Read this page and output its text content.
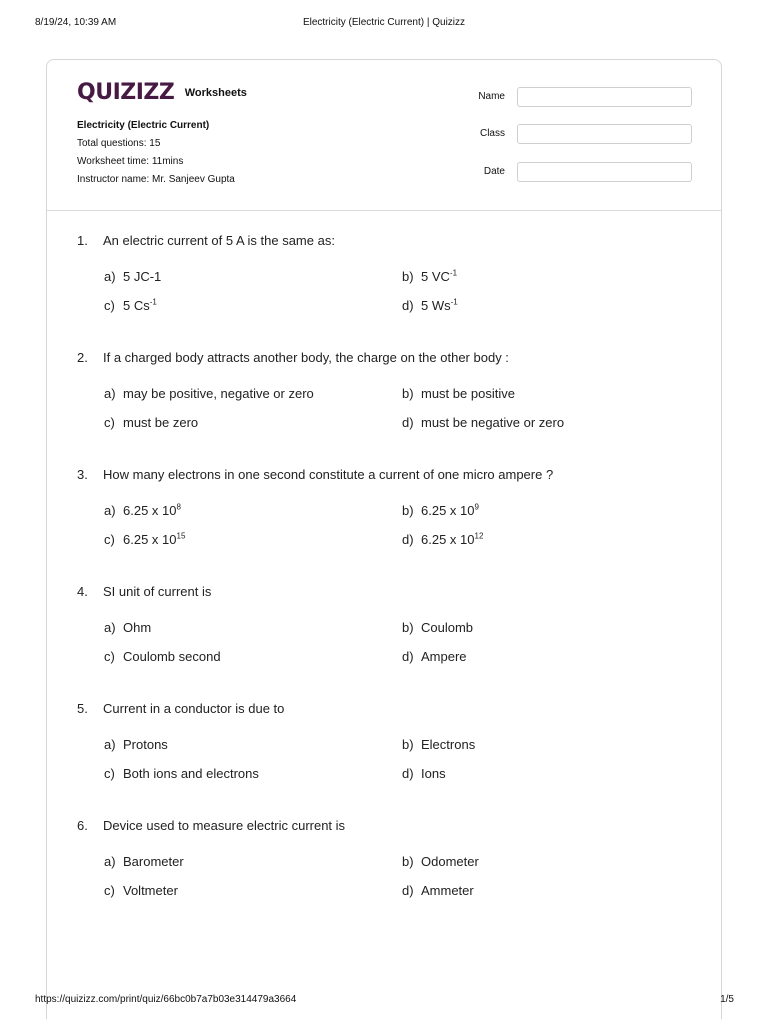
8/19/24, 10:39 AM	Electricity (Electric Current) | Quizizz
QUIZIZZ Worksheets
Electricity (Electric Current)
Total questions: 15
Worksheet time: 11mins
Instructor name: Mr. Sanjeev Gupta
Name
Class
Date
1. An electric current of 5 A is the same as:
a) 5 JC-1	b) 5 $VC^{-1}$
c) 5 $Cs^{-1}$	d) 5 $Ws^{-1}$
2. If a charged body attracts another body, the charge on the other body :
a) may be positive, negative or zero	b) must be positive
c) must be zero	d) must be negative or zero
3. How many electrons in one second constitute a current of one micro ampere ?
a) 6.25 x $10^8$	b) 6.25 x $10^9$
c) 6.25 x $10^{15}$	d) 6.25 x $10^{12}$
4. SI unit of current is
a) Ohm	b) Coulomb
c) Coulomb second	d) Ampere
5. Current in a conductor is due to
a) Protons	b) Electrons
c) Both ions and electrons	d) Ions
6. Device used to measure electric current is
a) Barometer	b) Odometer
c) Voltmeter	d) Ammeter
https://quizizz.com/print/quiz/66bc0b7a7b03e314479a3664	1/5
